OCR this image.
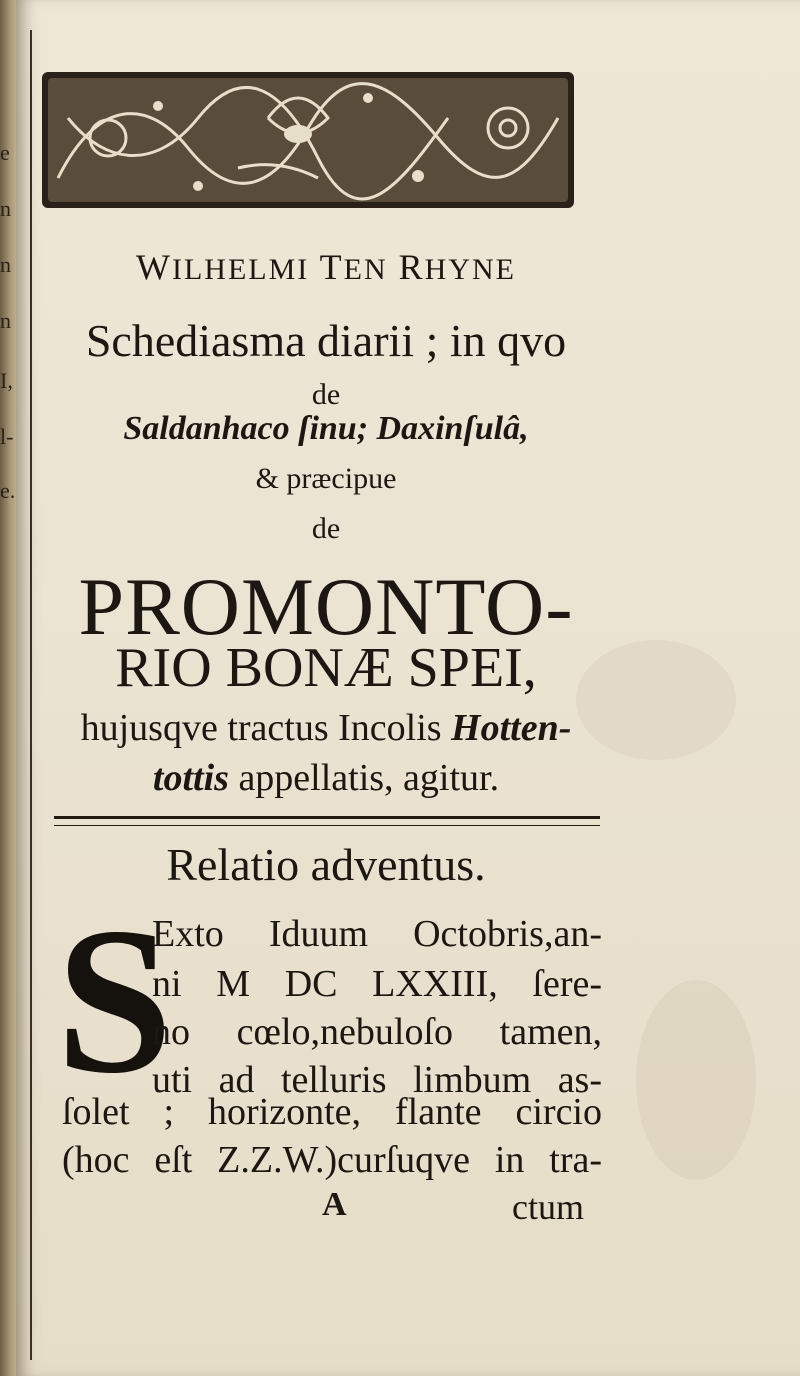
e
n
n
n
I,
l-
e.
WILHELMI TEN RHYNE
Schediasma diarii ; in qvo
de
Saldanhaco ſinu; Daxinſulâ,
& præcipue
de
PROMONTO-
RIO BONÆ SPEI,
hujusqve tractus Incolis Hotten-
tottis appellatis, agitur.
Relatio adventus.
S
Exto Iduum Octobris,an-
ni M DC LXXIII, ſere-
no cœlo,nebuloſo tamen,
uti ad telluris limbum as-
ſolet ; horizonte, flante circio
(hoc eſt Z.Z.W.)curſuqve in tra-
A	ctum
